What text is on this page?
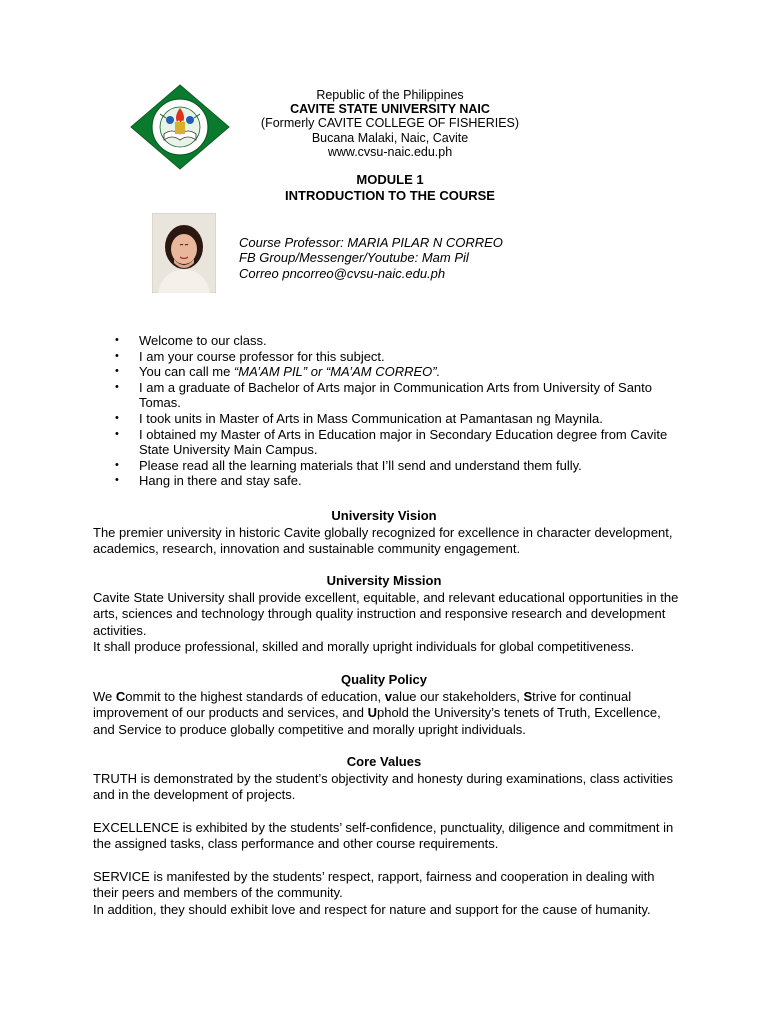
Republic of the Philippines
CAVITE STATE UNIVERSITY NAIC
(Formerly CAVITE COLLEGE OF FISHERIES)
Bucana Malaki, Naic, Cavite
www.cvsu-naic.edu.ph
MODULE 1
INTRODUCTION TO THE COURSE
Course Professor: MARIA PILAR N CORREO
FB Group/Messenger/Youtube: Mam Pil
Correo pncorreo@cvsu-naic.edu.ph
• Welcome to our class.
• I am your course professor for this subject.
• You can call me “MA’AM PIL” or “MA’AM CORREO”.
• I am a graduate of Bachelor of Arts major in Communication Arts from University of Santo Tomas.
• I took units in Master of Arts in Mass Communication at Pamantasan ng Maynila.
• I obtained my Master of Arts in Education major in Secondary Education degree from Cavite State University Main Campus.
• Please read all the learning materials that I’ll send and understand them fully.
• Hang in there and stay safe.
University Vision
The premier university in historic Cavite globally recognized for excellence in character development, academics, research, innovation and sustainable community engagement.
University Mission
Cavite State University shall provide excellent, equitable, and relevant educational opportunities in the arts, sciences and technology through quality instruction and responsive research and development activities.
It shall produce professional, skilled and morally upright individuals for global competitiveness.
Quality Policy
We Commit to the highest standards of education, value our stakeholders, Strive for continual improvement of our products and services, and Uphold the University’s tenets of Truth, Excellence, and Service to produce globally competitive and morally upright individuals.
Core Values
TRUTH is demonstrated by the student’s objectivity and honesty during examinations, class activities and in the development of projects.
EXCELLENCE is exhibited by the students’ self-confidence, punctuality, diligence and commitment in the assigned tasks, class performance and other course requirements.
SERVICE is manifested by the students’ respect, rapport, fairness and cooperation in dealing with their peers and members of the community.
In addition, they should exhibit love and respect for nature and support for the cause of humanity.
